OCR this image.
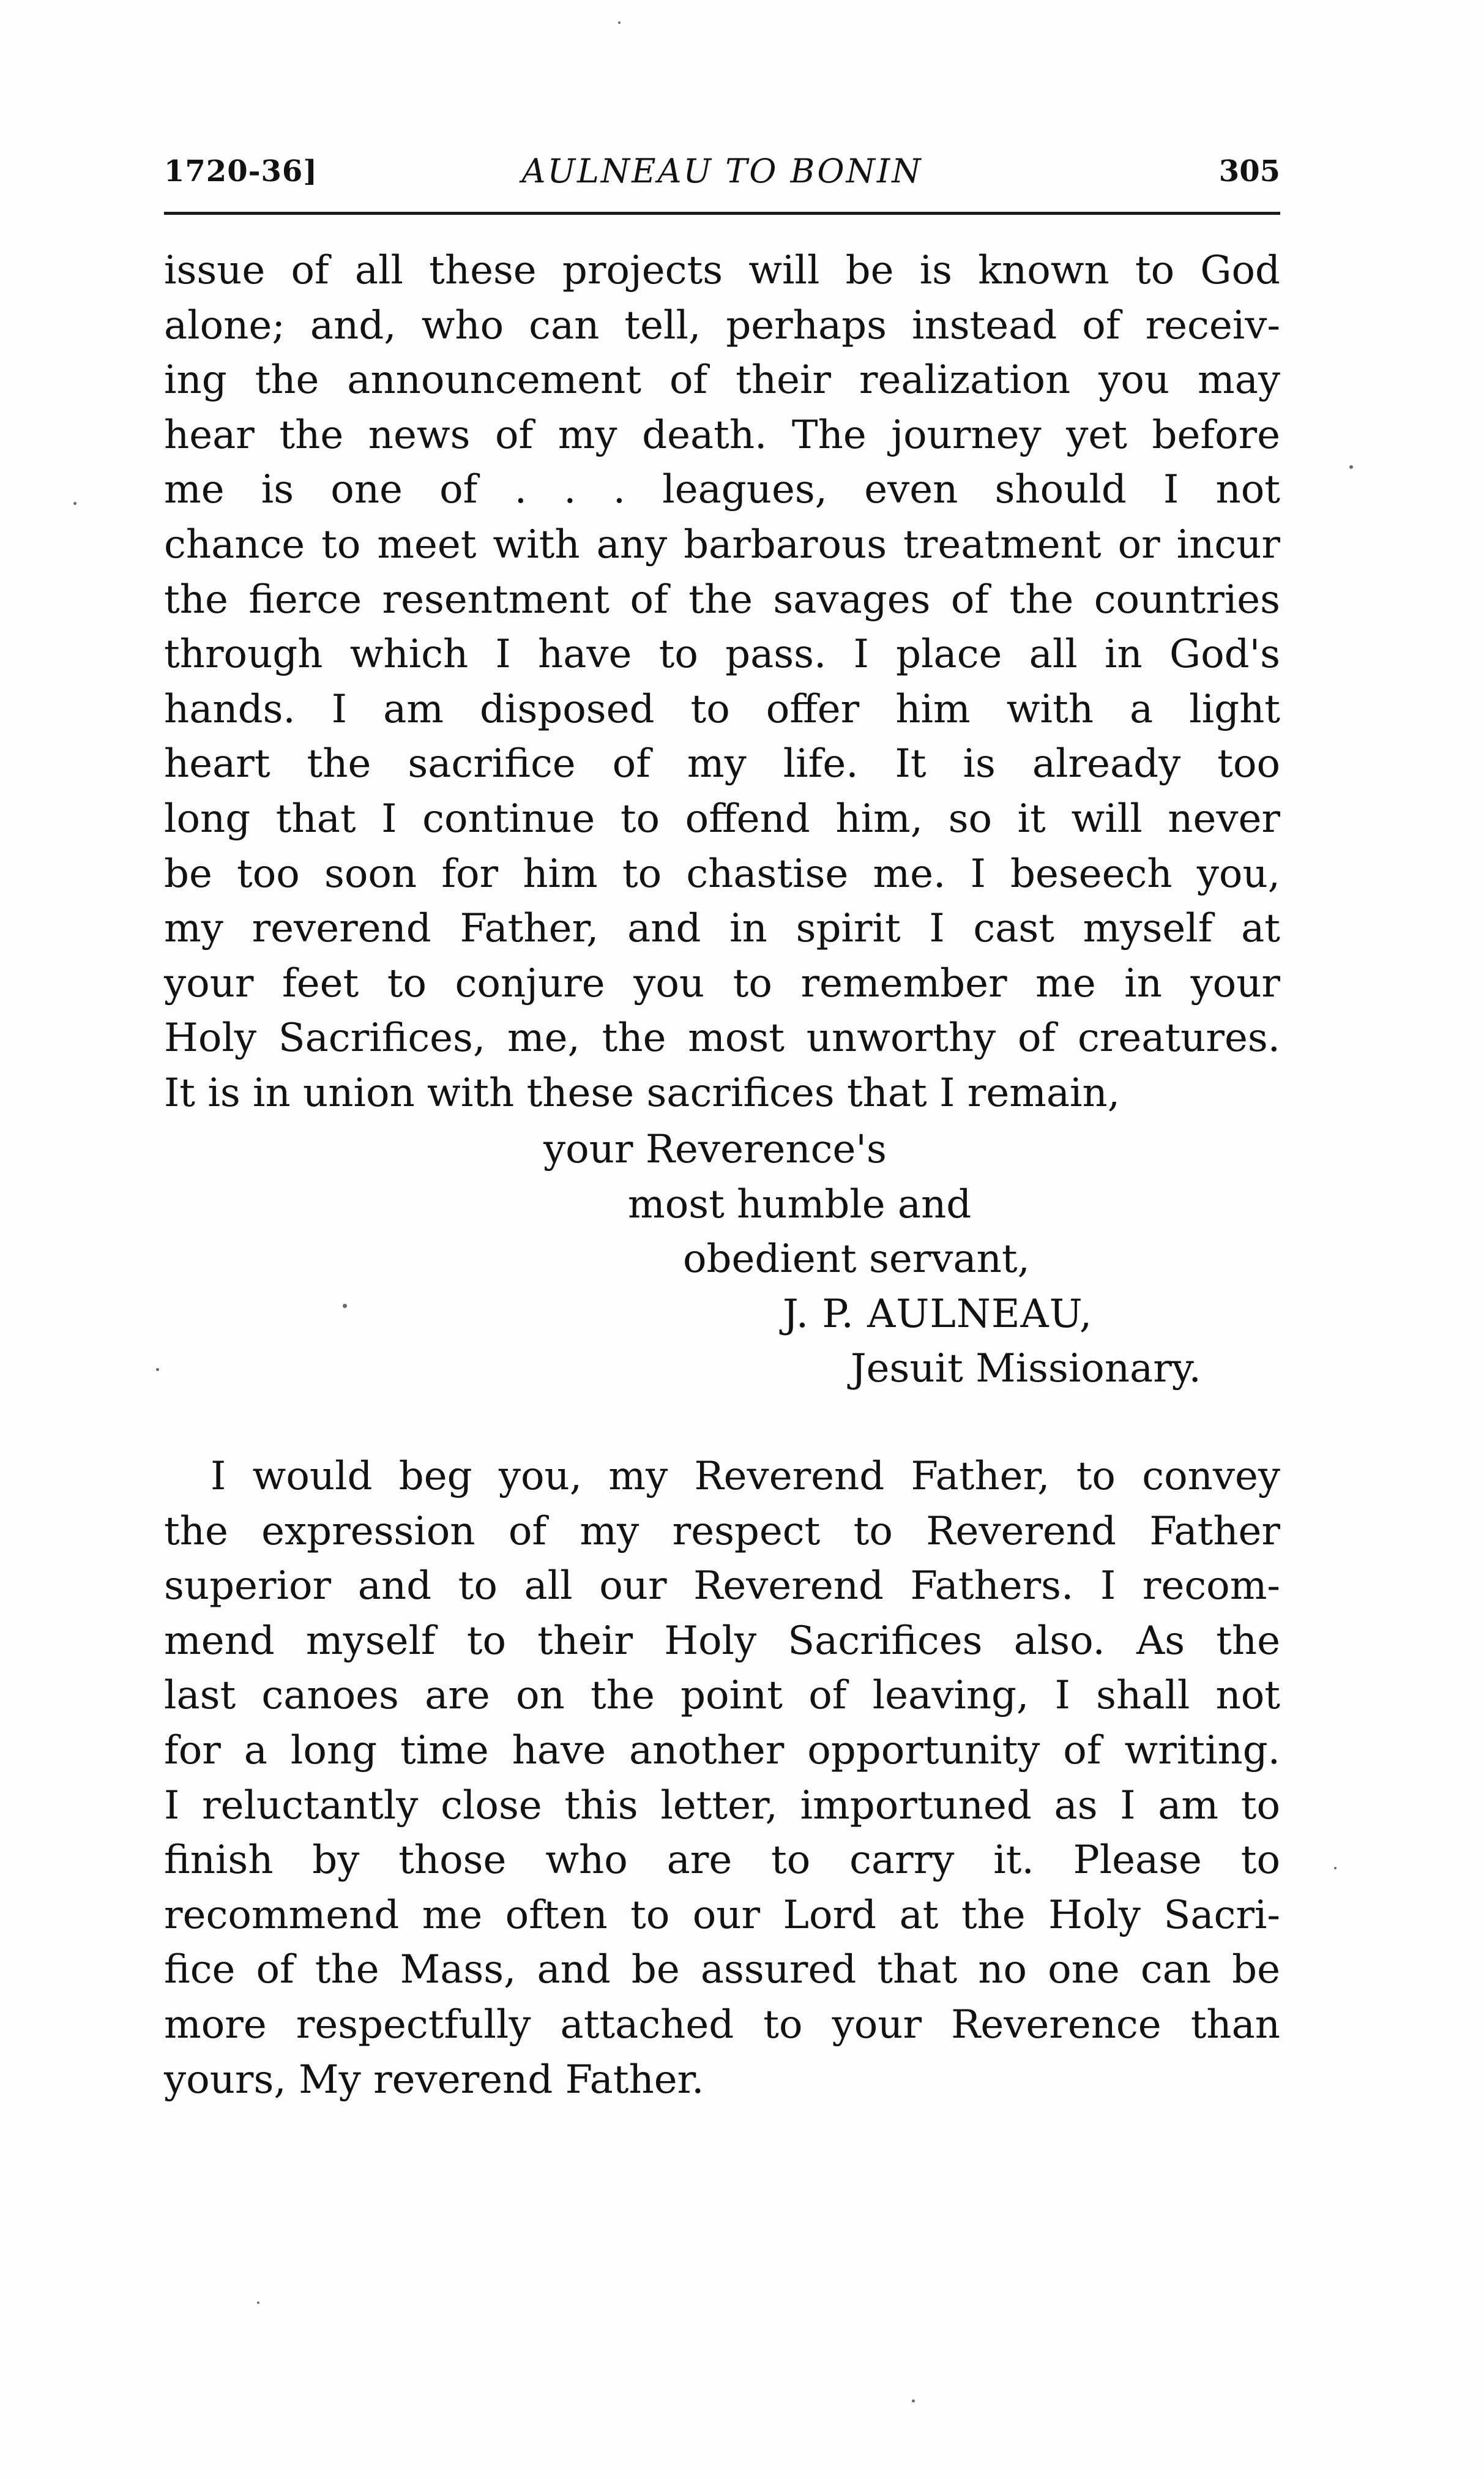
1720-36]	AULNEAU TO BONIN	305
issue of all these projects will be is known to God
alone; and, who can tell, perhaps instead of receiv-
ing the announcement of their realization you may
hear the news of my death. The journey yet before
me is one of . . . leagues, even should I not
chance to meet with any barbarous treatment or incur
the fierce resentment of the savages of the countries
through which I have to pass. I place all in God's
hands. I am disposed to offer him with a light
heart the sacrifice of my life. It is already too
long that I continue to offend him, so it will never
be too soon for him to chastise me. I beseech you,
my reverend Father, and in spirit I cast myself at
your feet to conjure you to remember me in your
Holy Sacrifices, me, the most unworthy of creatures.
It is in union with these sacrifices that I remain,
your Reverence's
most humble and
obedient servant,
J. P. AULNEAU,
Jesuit Missionary.
I would beg you, my Reverend Father, to convey
the expression of my respect to Reverend Father
superior and to all our Reverend Fathers. I recom-
mend myself to their Holy Sacrifices also. As the
last canoes are on the point of leaving, I shall not
for a long time have another opportunity of writing.
I reluctantly close this letter, importuned as I am to
finish by those who are to carry it. Please to
recommend me often to our Lord at the Holy Sacri-
fice of the Mass, and be assured that no one can be
more respectfully attached to your Reverence than
yours, My reverend Father.
